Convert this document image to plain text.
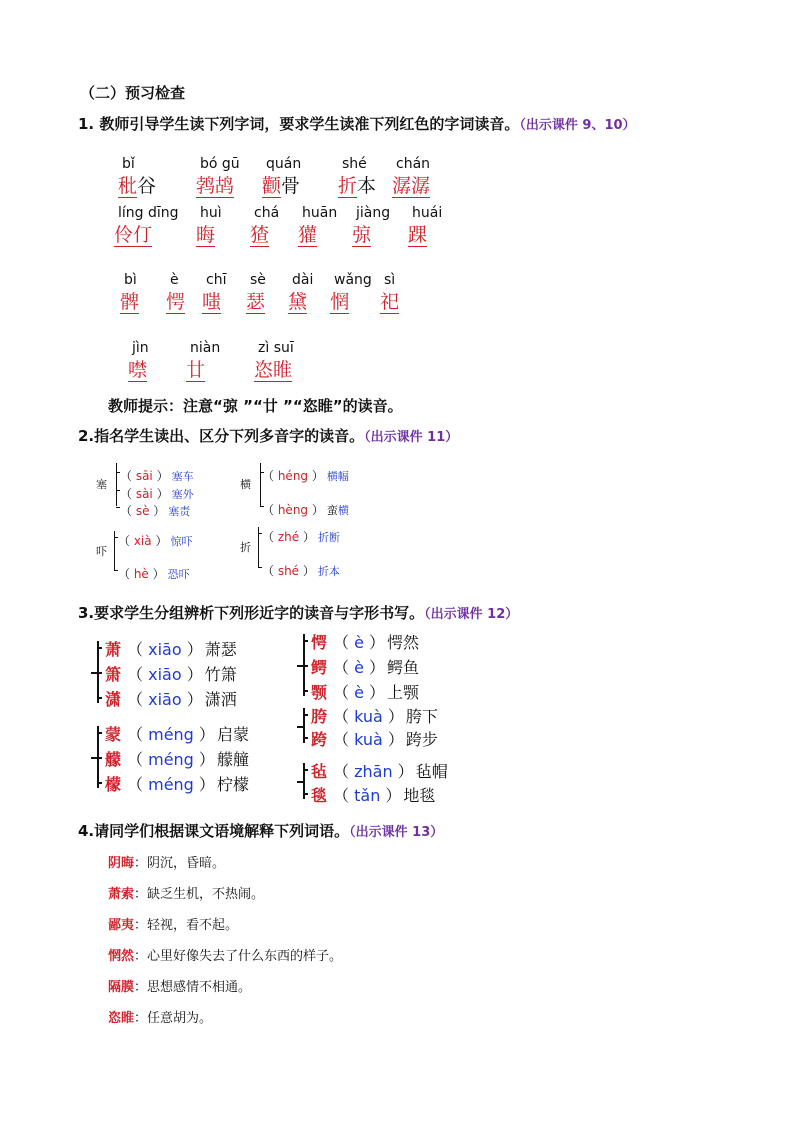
（二）预习检查
1. 教师引导学生读下列字词，要求学生读准下列红色的字词读音。（出示课件 9、10）
bǐ
秕谷
bó gū
鹁鸪
quán
颧骨
shé
折本
chán
潺潺
líng dīng
伶仃
huì
晦
chá
猹
huān
獾
jiàng
弶
huái
踝
bì
髀
è
愕
chī
嗤
sè
瑟
dài
黛
wǎng
惘
sì
祀
jìn
噤
niàn
廿
zì suī
恣睢
教师提示：注意“弶 ”“廿 ”“恣睢”的读音。
2.指名学生读出、区分下列多音字的读音。（出示课件 11）
塞
（ sāi ） 塞车
（ sài ） 塞外
（ sè ） 塞责
横
（ héng ） 横幅
（ hèng ） 蛮横
吓
（ xià ） 惊吓
（ hè ） 恐吓
折
（ zhé ） 折断
（ shé ） 折本
3.要求学生分组辨析下列形近字的读音与字形书写。（出示课件 12）
萧 （ xiāo ） 萧瑟
箫 （ xiāo ） 竹箫
潇 （ xiāo ） 潇洒
蒙 （ méng ） 启蒙
艨 （ méng ） 艨艟
檬 （ méng ） 柠檬
愕 （ è ） 愕然
鳄 （ è ） 鳄鱼
颚 （ è ） 上颚
胯 （ kuà ） 胯下
跨 （ kuà ） 跨步
毡 （ zhān ） 毡帽
毯 （ tǎn ） 地毯
4.请同学们根据课文语境解释下列词语。（出示课件 13）
阴晦：阴沉，昏暗。
萧索：缺乏生机，不热闹。
鄙夷：轻视，看不起。
惘然：心里好像失去了什么东西的样子。
隔膜：思想感情不相通。
恣睢：任意胡为。
